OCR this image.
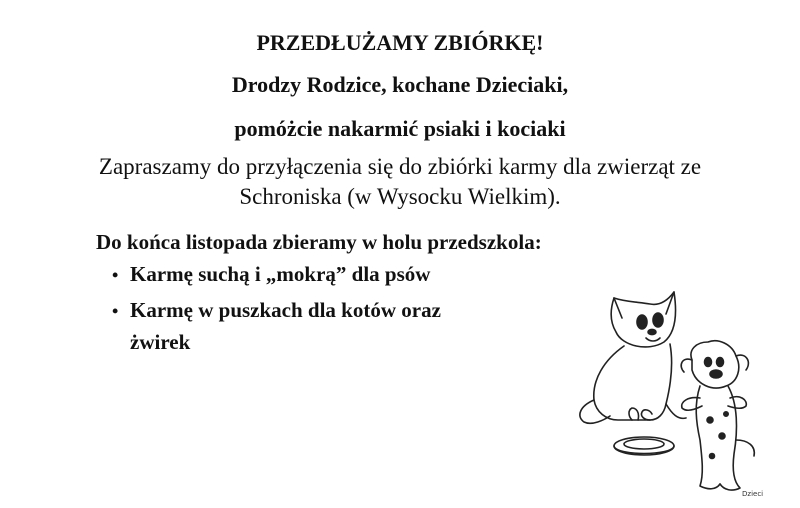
PRZEDŁUŻAMY ZBIÓRKĘ!
Drodzy Rodzice, kochane Dzieciaki,
pomóżcie nakarmić psiaki i kociaki
Zapraszamy do przyłączenia się do zbiórki karmy dla zwierząt ze
Schroniska (w Wysocku Wielkim).
Do końca listopada zbieramy w holu przedszkola:
• Karmę suchą i „mokrą” dla psów
• Karmę w puszkach dla kotów oraz
żwirek
Dzieci
